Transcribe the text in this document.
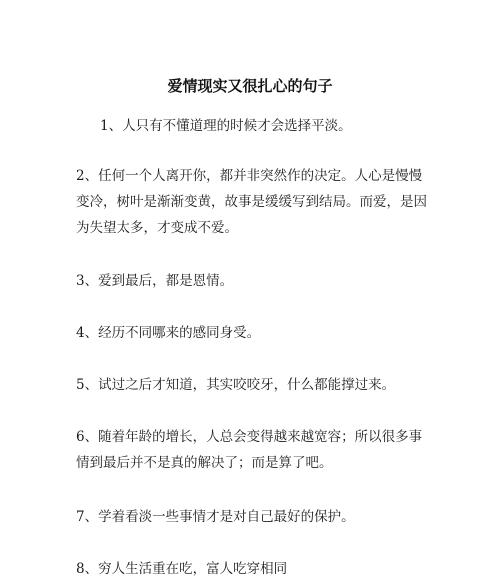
爱情现实又很扎心的句子

1、人只有不懂道理的时候才会选择平淡。

2、任何一个人离开你，都并非突然作的决定。人心是慢慢变冷，树叶是渐渐变黄，故事是缓缓写到结局。而爱，是因为失望太多，才变成不爱。

3、爱到最后，都是恩情。

4、经历不同哪来的感同身受。

5、试过之后才知道，其实咬咬牙，什么都能撑过来。

6、随着年龄的增长，人总会变得越来越宽容；所以很多事情到最后并不是真的解决了；而是算了吧。

7、学着看淡一些事情才是对自己最好的保护。

8、穷人生活重在吃，富人吃穿相同
